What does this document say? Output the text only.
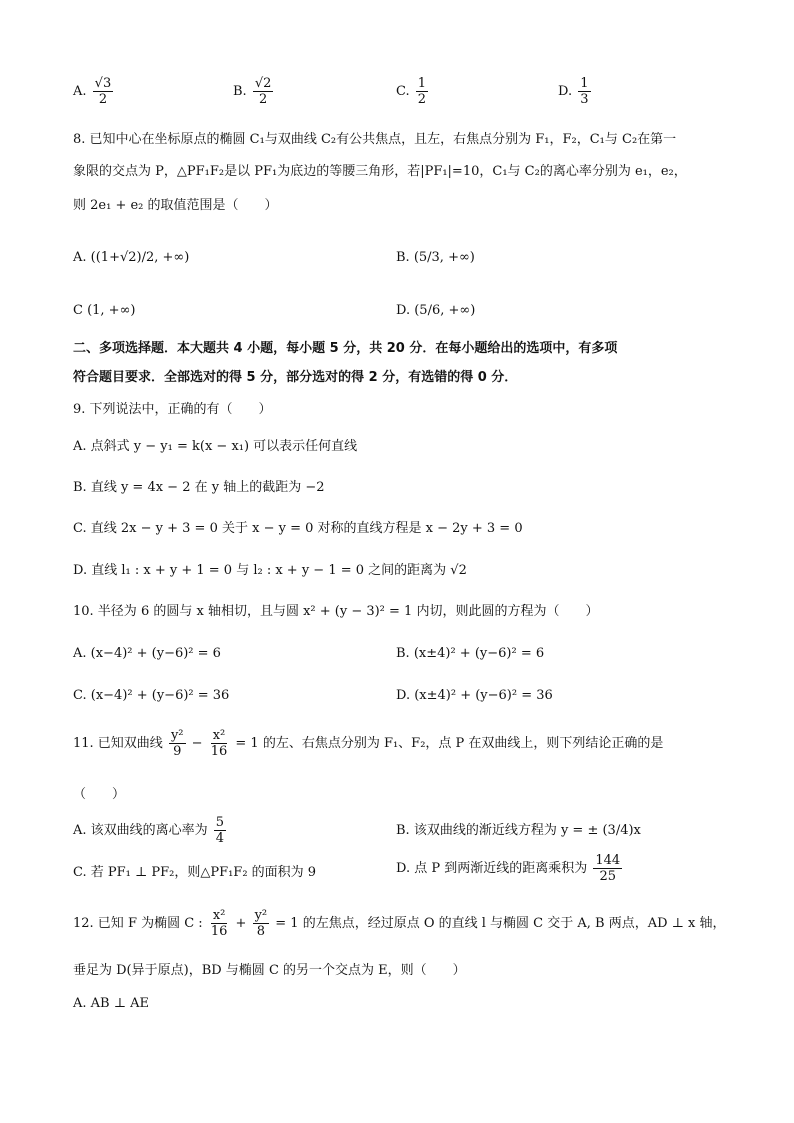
A. $\frac{√3}{2}$	B. $\frac{√2}{2}$	C. $\frac{1}{2}$	D. $\frac{1}{3}$
8. 已知中心在坐标原点的椭圆 C₁与双曲线 C₂有公共焦点，且左，右焦点分别为 F₁，F₂，C₁与 C₂在第一
象限的交点为 P，△PF₁F₂是以 PF₁为底边的等腰三角形，若|PF₁|=10，C₁与 C₂的离心率分别为 e₁，e₂，
则 2e₁ + e₂ 的取值范围是（　　）
A. ((1+√2)/2, +∞)	B. (5/3, +∞)
C (1, +∞)	D. (5/6, +∞)
二、多项选择题．本大题共 4 小题，每小题 5 分，共 20 分．在每小题给出的选项中，有多项
符合题目要求．全部选对的得 5 分，部分选对的得 2 分，有选错的得 0 分．
9. 下列说法中，正确的有（　　）
A. 点斜式 y − y₁ = k(x − x₁) 可以表示任何直线
B. 直线 y = 4x − 2 在 y 轴上的截距为 −2
C. 直线 2x − y + 3 = 0 关于 x − y = 0 对称的直线方程是 x − 2y + 3 = 0
D. 直线 l₁ : x + y + 1 = 0 与 l₂ : x + y − 1 = 0 之间的距离为 √2
10. 半径为 6 的圆与 x 轴相切，且与圆 x² + (y − 3)² = 1 内切，则此圆的方程为（　　）
A. (x−4)² + (y−6)² = 6	B. (x±4)² + (y−6)² = 6
C. (x−4)² + (y−6)² = 36	D. (x±4)² + (y−6)² = 36
11. 已知双曲线 $\frac{\text{y²}}{9} - \frac{\text{x²}}{16} = 1$ 的左、右焦点分别为 F₁、F₂，点 P 在双曲线上，则下列结论正确的是
（　　）
A. 该双曲线的离心率为 $\frac{5}{4}$	B. 该双曲线的渐近线方程为 y = ± (3/4)x
C. 若 PF₁ ⊥ PF₂，则△PF₁F₂ 的面积为 9	D. 点 P 到两渐近线的距离乘积为 $\frac{144}{25}$
12. 已知 F 为椭圆 C : $\frac{\text{x²}}{16} + \frac{\text{y²}}{8} = 1$ 的左焦点，经过原点 O 的直线 l 与椭圆 C 交于 A, B 两点，AD ⊥ x 轴，
垂足为 D(异于原点)，BD 与椭圆 C 的另一个交点为 E，则（　　）
A. AB ⊥ AE
